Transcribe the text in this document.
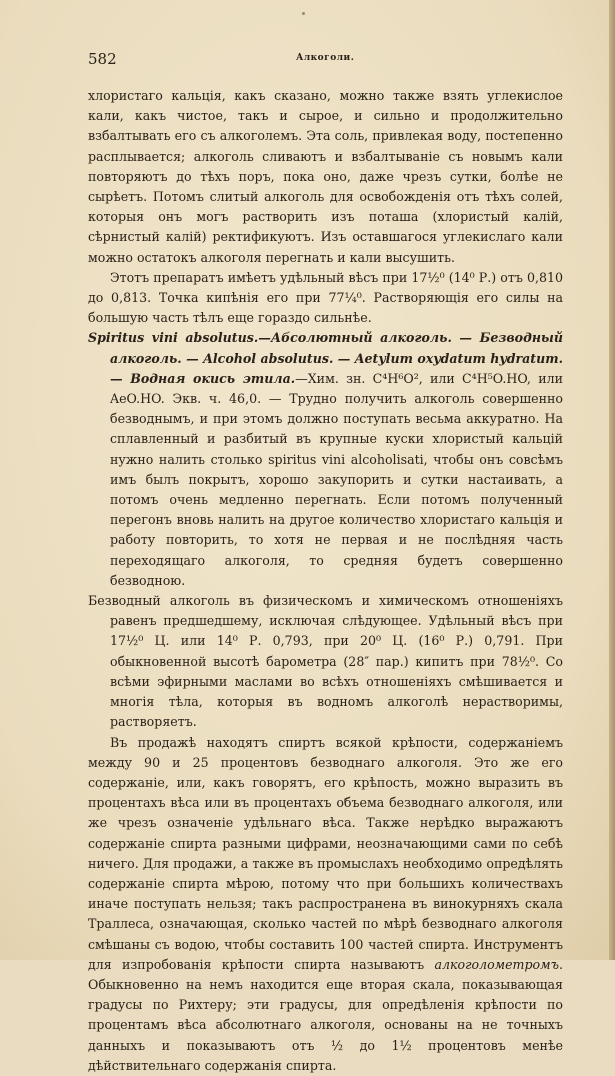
582	Алкоголи.

хлористаго кальція, какъ сказано, можно также взять углекислое кали, какъ чистое, такъ и сырое, и сильно и продолжительно взбалтывать его съ алкоголемъ. Эта соль, привлекая воду, постепенно расплывается; алкоголь сливаютъ и взбалтываніе съ новымъ кали повторяютъ до тѣхъ поръ, пока оно, даже чрезъ сутки, болѣе не сырѣетъ. Потомъ слитый алкоголь для освобожденія отъ тѣхъ солей, которыя онъ могъ растворить изъ поташа (хлористый калій, сѣрнистый калій) ректификуютъ. Изъ оставшагося углекислаго кали можно остатокъ алкоголя перегнать и кали высушить.

Этотъ препаратъ имѣетъ удѣльный вѣсъ при 17½⁰ (14⁰ Р.) отъ 0,810 до 0,813. Точка кипѣнія его при 77¼⁰. Растворяющія его силы на большую часть тѣлъ еще гораздо сильнѣе.

Spiritus vini absolutus.—Абсолютный алкоголь. — Безводный алкоголь. — Alcohol absolutus. — Aetylum oxydatum hydratum. — Водная окись этила.—Хим. зн. C⁴H⁶O², или C⁴H⁵O.HO, или AeO.HO. Экв. ч. 46,0. — Трудно получить алкоголь совершенно безводнымъ, и при этомъ должно поступать весьма аккуратно. На сплавленный и разбитый въ крупные куски хлористый кальцій нужно налить столько spiritus vini alcoholisati, чтобы онъ совсѣмъ имъ былъ покрытъ, хорошо закупорить и сутки настаивать, а потомъ очень медленно перегнать. Если потомъ полученный перегонъ вновь налить на другое количество хлористаго кальція и работу повторить, то хотя не первая и не послѣдняя часть переходящаго алкоголя, то средняя будетъ совершенно безводною.

Безводный алкоголь въ физическомъ и химическомъ отношеніяхъ равенъ предшедшему, исключая слѣдующее. Удѣльный вѣсъ при 17½⁰ Ц. или 14⁰ Р. 0,793, при 20⁰ Ц. (16⁰ Р.) 0,791. При обыкновенной высотѣ барометра (28″ пар.) кипитъ при 78½⁰. Со всѣми эфирными маслами во всѣхъ отношеніяхъ смѣшивается и многія тѣла, которыя въ водномъ алкоголѣ нерастворимы, растворяетъ.

Въ продажѣ находятъ спиртъ всякой крѣпости, содержаніемъ между 90 и 25 процентовъ безводнаго алкоголя. Это же его содержаніе, или, какъ говорятъ, его крѣпость, можно выразить въ процентахъ вѣса или въ процентахъ объема безводнаго алкоголя, или же чрезъ означеніе удѣльнаго вѣса. Также нерѣдко выражаютъ содержаніе спирта разными цифрами, неозначающими сами по себѣ ничего. Для продажи, а также въ промыслахъ необходимо опредѣлять содержаніе спирта мѣрою, потому что при большихъ количествахъ иначе поступать нельзя; такъ распространена въ винокурняхъ скала Траллеса, означающая, сколько частей по мѣрѣ безводнаго алкоголя смѣшаны съ водою, чтобы составить 100 частей спирта. Инструментъ для изпробованія крѣпости спирта называютъ алкоголометромъ. Обыкновенно на немъ находится еще вторая скала, показывающая градусы по Рихтеру; эти градусы, для опредѣленія крѣпости по процентамъ вѣса абсолютнаго алкоголя, основаны на не точныхъ данныхъ и показываютъ отъ ½ до 1½ процентовъ менѣе дѣйствительнаго содержанія спирта.
